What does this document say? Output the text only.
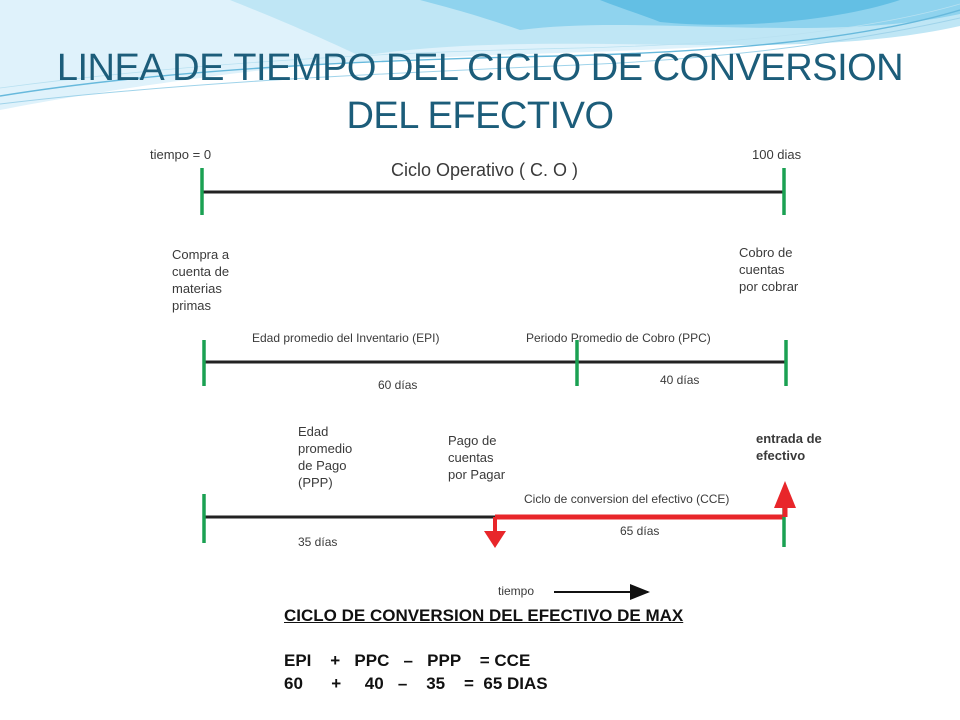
LINEA DE TIEMPO DEL CICLO DE CONVERSION
DEL EFECTIVO
tiempo = 0	100 dias
Ciclo Operativo ( C. O )
Compra a cuenta de materias primas
Cobro de cuentas por cobrar
Edad promedio del Inventario (EPI)	Periodo Promedio de Cobro (PPC)
60 días	40 días
Edad promedio de Pago (PPP)
Pago de cuentas por Pagar
entrada de efectivo
Ciclo de conversion del efectivo (CCE)
35 días
65 días
tiempo
CICLO DE CONVERSION DEL EFECTIVO DE MAX
EPI    +   PPC   –   PPP    = CCE
60      +     40   –    35    =  65 DIAS
